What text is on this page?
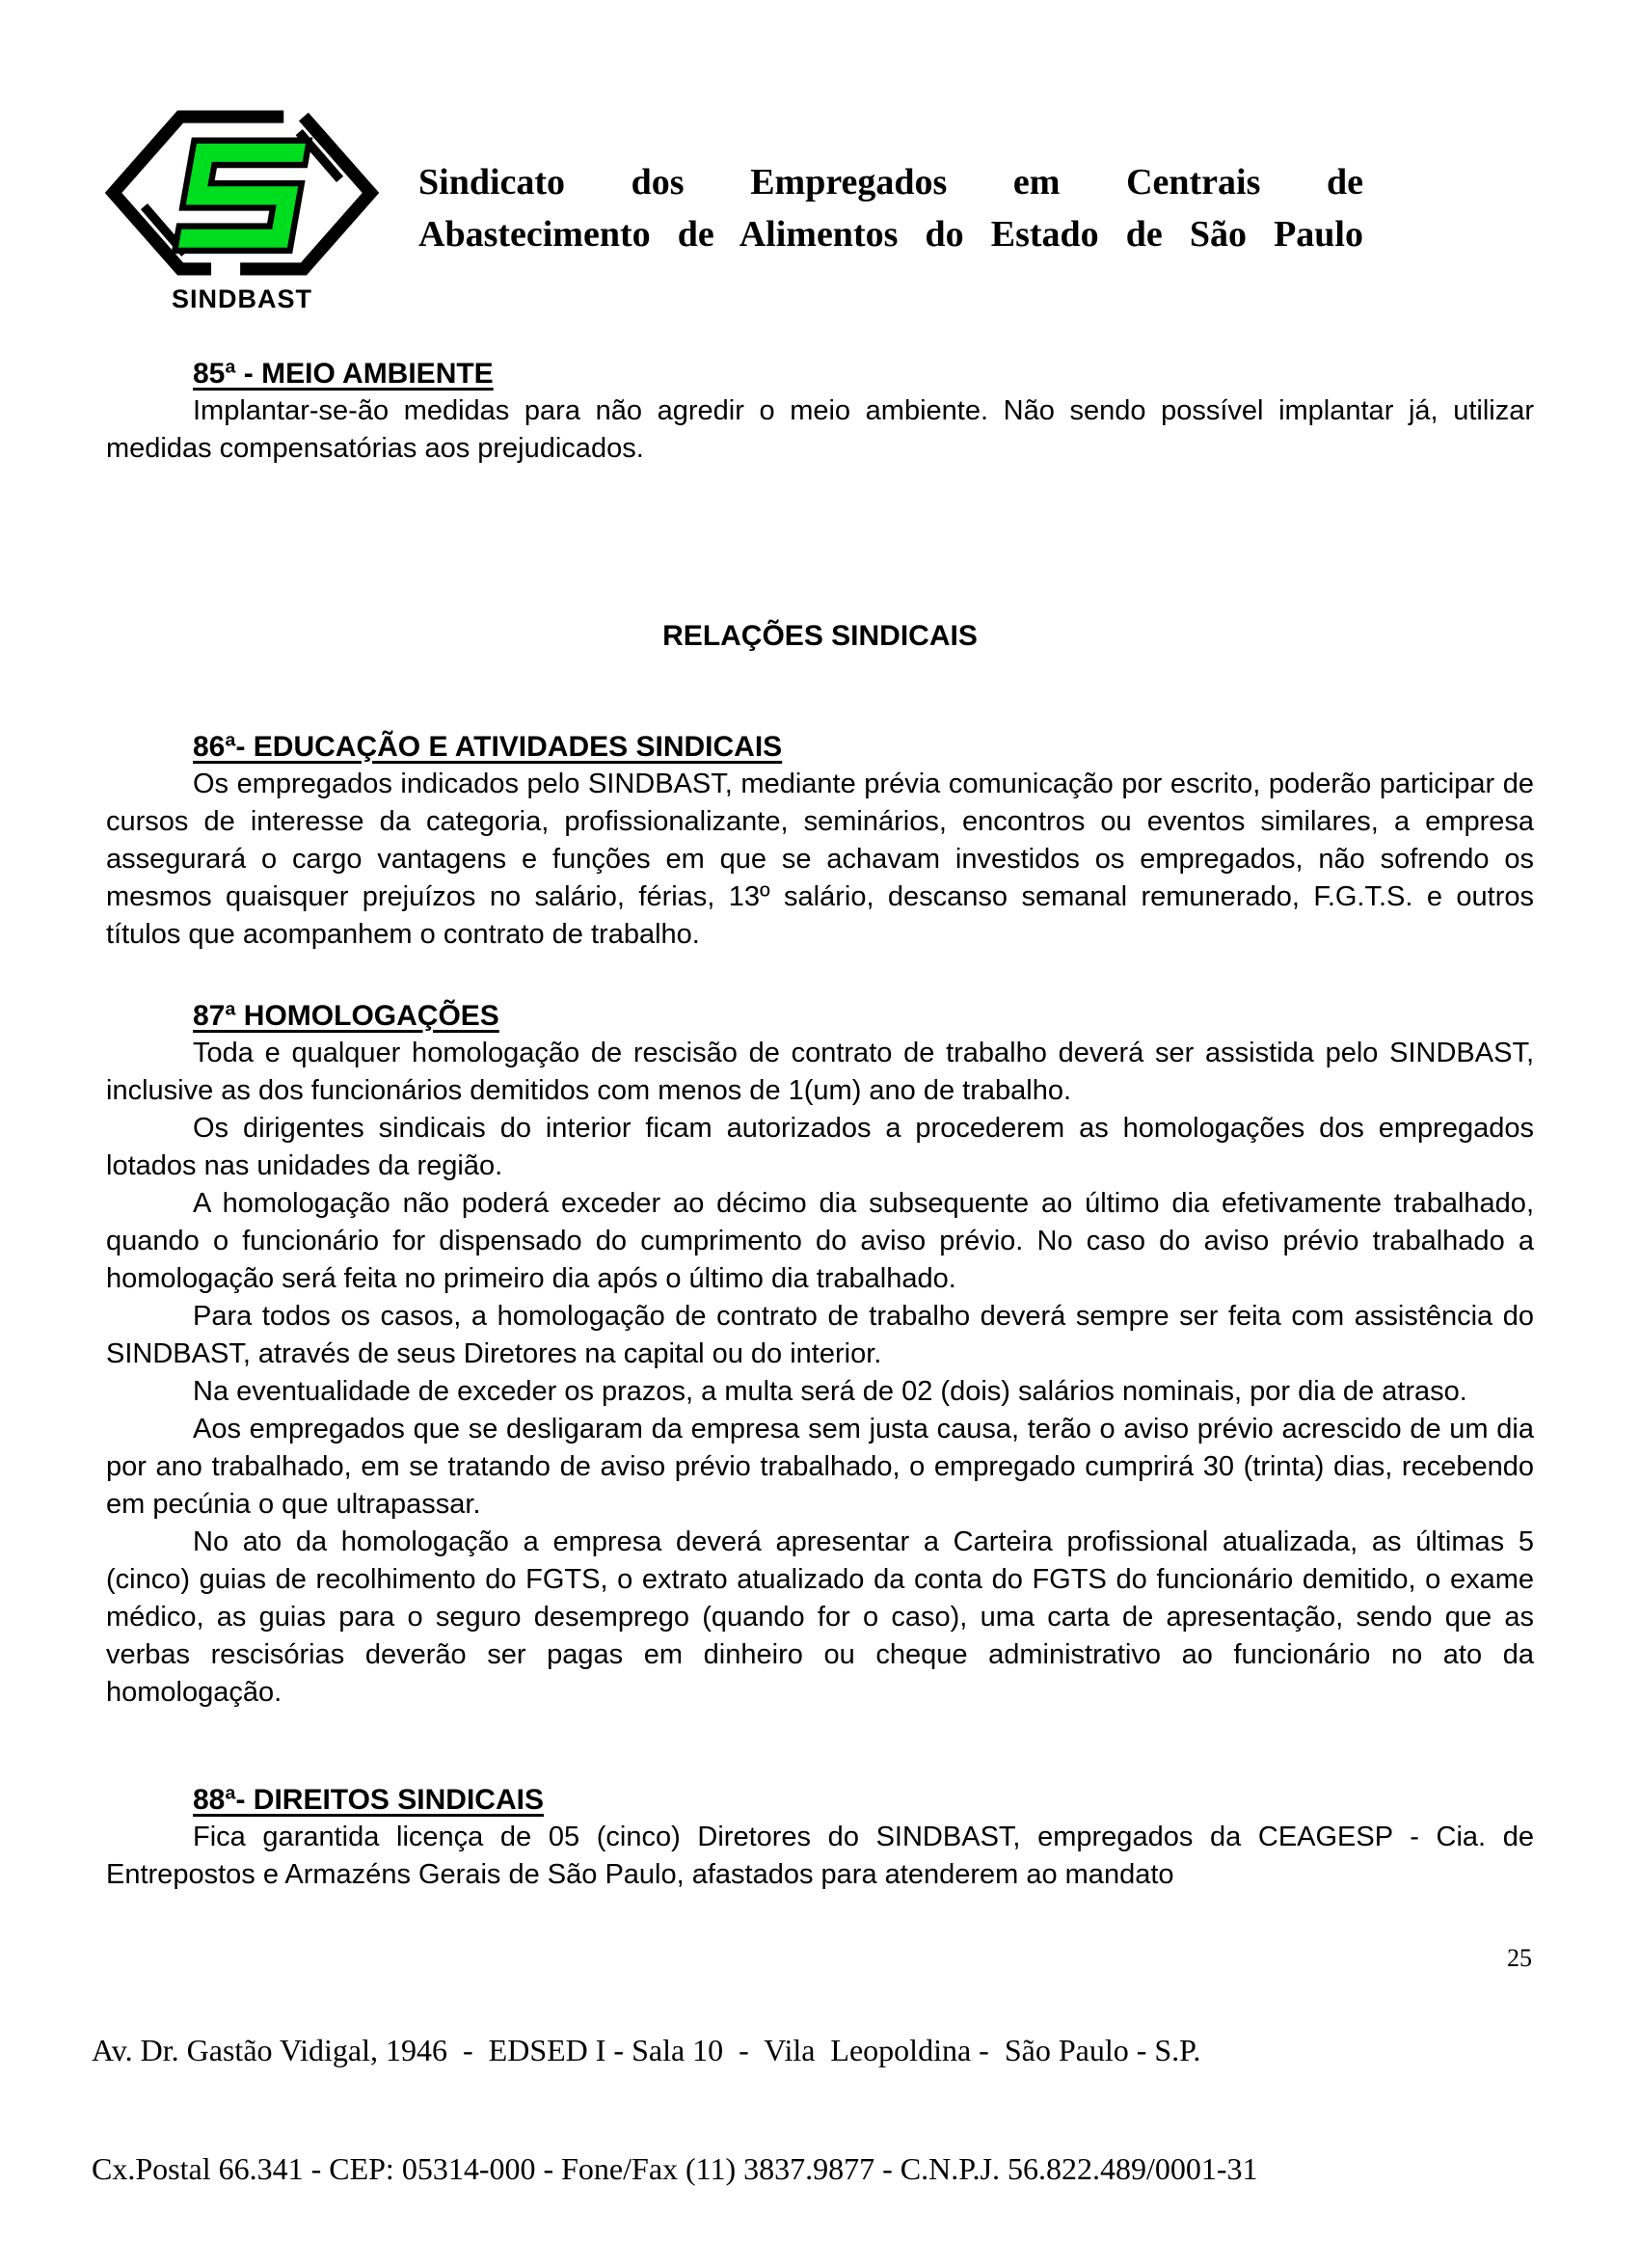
SINDBAST
Sindicato dos Empregados em Centrais de
Abastecimento de Alimentos do Estado de São Paulo
85ª - MEIO AMBIENTE

Implantar-se-ão medidas para não agredir o meio ambiente. Não sendo possível implantar já, utilizar medidas compensatórias aos prejudicados.

RELAÇÕES SINDICAIS
86ª- EDUCAÇÃO E ATIVIDADES SINDICAIS

Os empregados indicados pelo SINDBAST, mediante prévia comunicação por escrito, poderão participar de cursos de interesse da categoria, profissionalizante, seminários, encontros ou eventos similares, a empresa assegurará o cargo vantagens e funções em que se achavam investidos os empregados, não sofrendo os mesmos quaisquer prejuízos no salário, férias, 13º salário, descanso semanal remunerado, F.G.T.S. e outros títulos que acompanhem o contrato de trabalho.

87ª HOMOLOGAÇÕES

Toda e qualquer homologação de rescisão de contrato de trabalho deverá ser assistida pelo SINDBAST, inclusive as dos funcionários demitidos com menos de 1(um) ano de trabalho.

Os dirigentes sindicais do interior ficam autorizados a procederem as homologações dos empregados lotados nas unidades da região.

A homologação não poderá exceder ao décimo dia subsequente ao último dia efetivamente trabalhado, quando o funcionário for dispensado do cumprimento do aviso prévio. No caso do aviso prévio trabalhado a homologação será feita no primeiro dia após o último dia trabalhado.

Para todos os casos, a homologação de contrato de trabalho deverá sempre ser feita com assistência do SINDBAST, através de seus Diretores na capital ou do interior.

Na eventualidade de exceder os prazos, a multa será de 02 (dois) salários nominais, por dia de atraso.

Aos empregados que se desligaram da empresa sem justa causa, terão o aviso prévio acrescido de um dia por ano trabalhado, em se tratando de aviso prévio trabalhado, o empregado cumprirá 30 (trinta) dias, recebendo em pecúnia o que ultrapassar.

No ato da homologação a empresa deverá apresentar a Carteira profissional atualizada, as últimas 5 (cinco) guias de recolhimento do FGTS, o extrato atualizado da conta do FGTS do funcionário demitido, o exame médico, as guias para o seguro desemprego (quando for o caso), uma carta de apresentação, sendo que as verbas rescisórias deverão ser pagas em dinheiro ou cheque administrativo ao funcionário no ato da homologação.

88ª- DIREITOS SINDICAIS

Fica garantida licença de 05 (cinco) Diretores do SINDBAST, empregados da CEAGESP - Cia. de Entrepostos e Armazéns Gerais de São Paulo, afastados para atenderem ao mandato

Av. Dr. Gastão Vidigal, 1946  -  EDSED I - Sala 10  -  Vila  Leopoldina -  São Paulo - S.P.

Cx.Postal 66.341 - CEP: 05314-000 - Fone/Fax (11) 3837.9877 - C.N.P.J. 56.822.489/0001-31

25
